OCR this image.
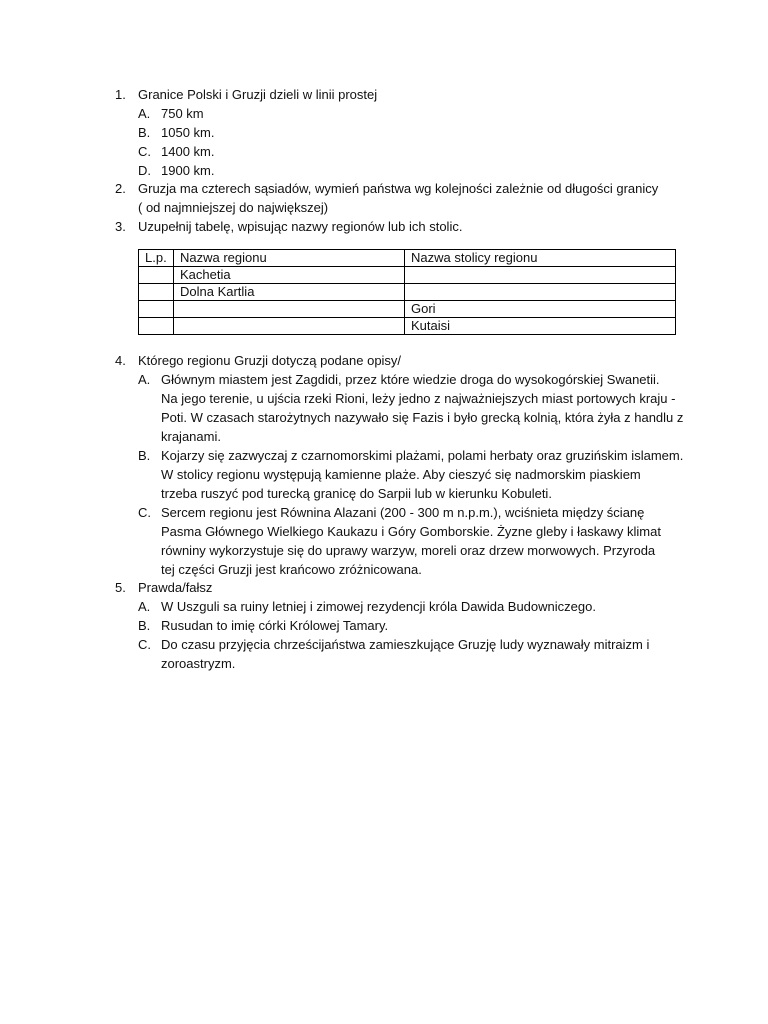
1. Granice Polski i Gruzji dzieli w linii prostej
A. 750 km
B. 1050 km.
C. 1400 km.
D. 1900 km.
2. Gruzja ma czterech sąsiadów, wymień państwa wg kolejności zależnie od długości granicy
( od najmniejszej do największej)
3. Uzupełnij tabelę, wpisując nazwy regionów lub ich stolic.
L.p.	Nazwa regionu	Nazwa stolicy regionu
	Kachetia	
	Dolna Kartlia	
		Gori
		Kutaisi
4. Którego regionu Gruzji dotyczą podane opisy/
A. Głównym miastem jest Zagdidi, przez które wiedzie droga do wysokogórskiej Swanetii.
Na jego terenie, u ujścia rzeki Rioni, leży jedno z najważniejszych miast portowych kraju -
Poti. W czasach starożytnych nazywało się Fazis i było grecką kolnią, która żyła z handlu z
krajanami.
B. Kojarzy się zazwyczaj z czarnomorskimi plażami, polami herbaty oraz gruzińskim islamem.
W stolicy regionu występują kamienne plaże. Aby cieszyć się nadmorskim piaskiem
trzeba ruszyć pod turecką granicę do Sarpii lub w kierunku Kobuleti.
C. Sercem regionu jest Równina Alazani (200 - 300 m n.p.m.), wciśnieta między ścianę
Pasma Głównego Wielkiego Kaukazu i Góry Gomborskie. Żyzne gleby i łaskawy klimat
równiny wykorzystuje się do uprawy warzyw, moreli oraz drzew morwowych. Przyroda
tej części Gruzji jest krańcowo zróżnicowana.
5. Prawda/fałsz
A. W Uszguli sa ruiny letniej i zimowej rezydencji króla Dawida Budowniczego.
B. Rusudan to imię córki Królowej Tamary.
C. Do czasu przyjęcia chrześcijaństwa zamieszkujące Gruzję ludy wyznawały mitraizm i
zoroastryzm.
